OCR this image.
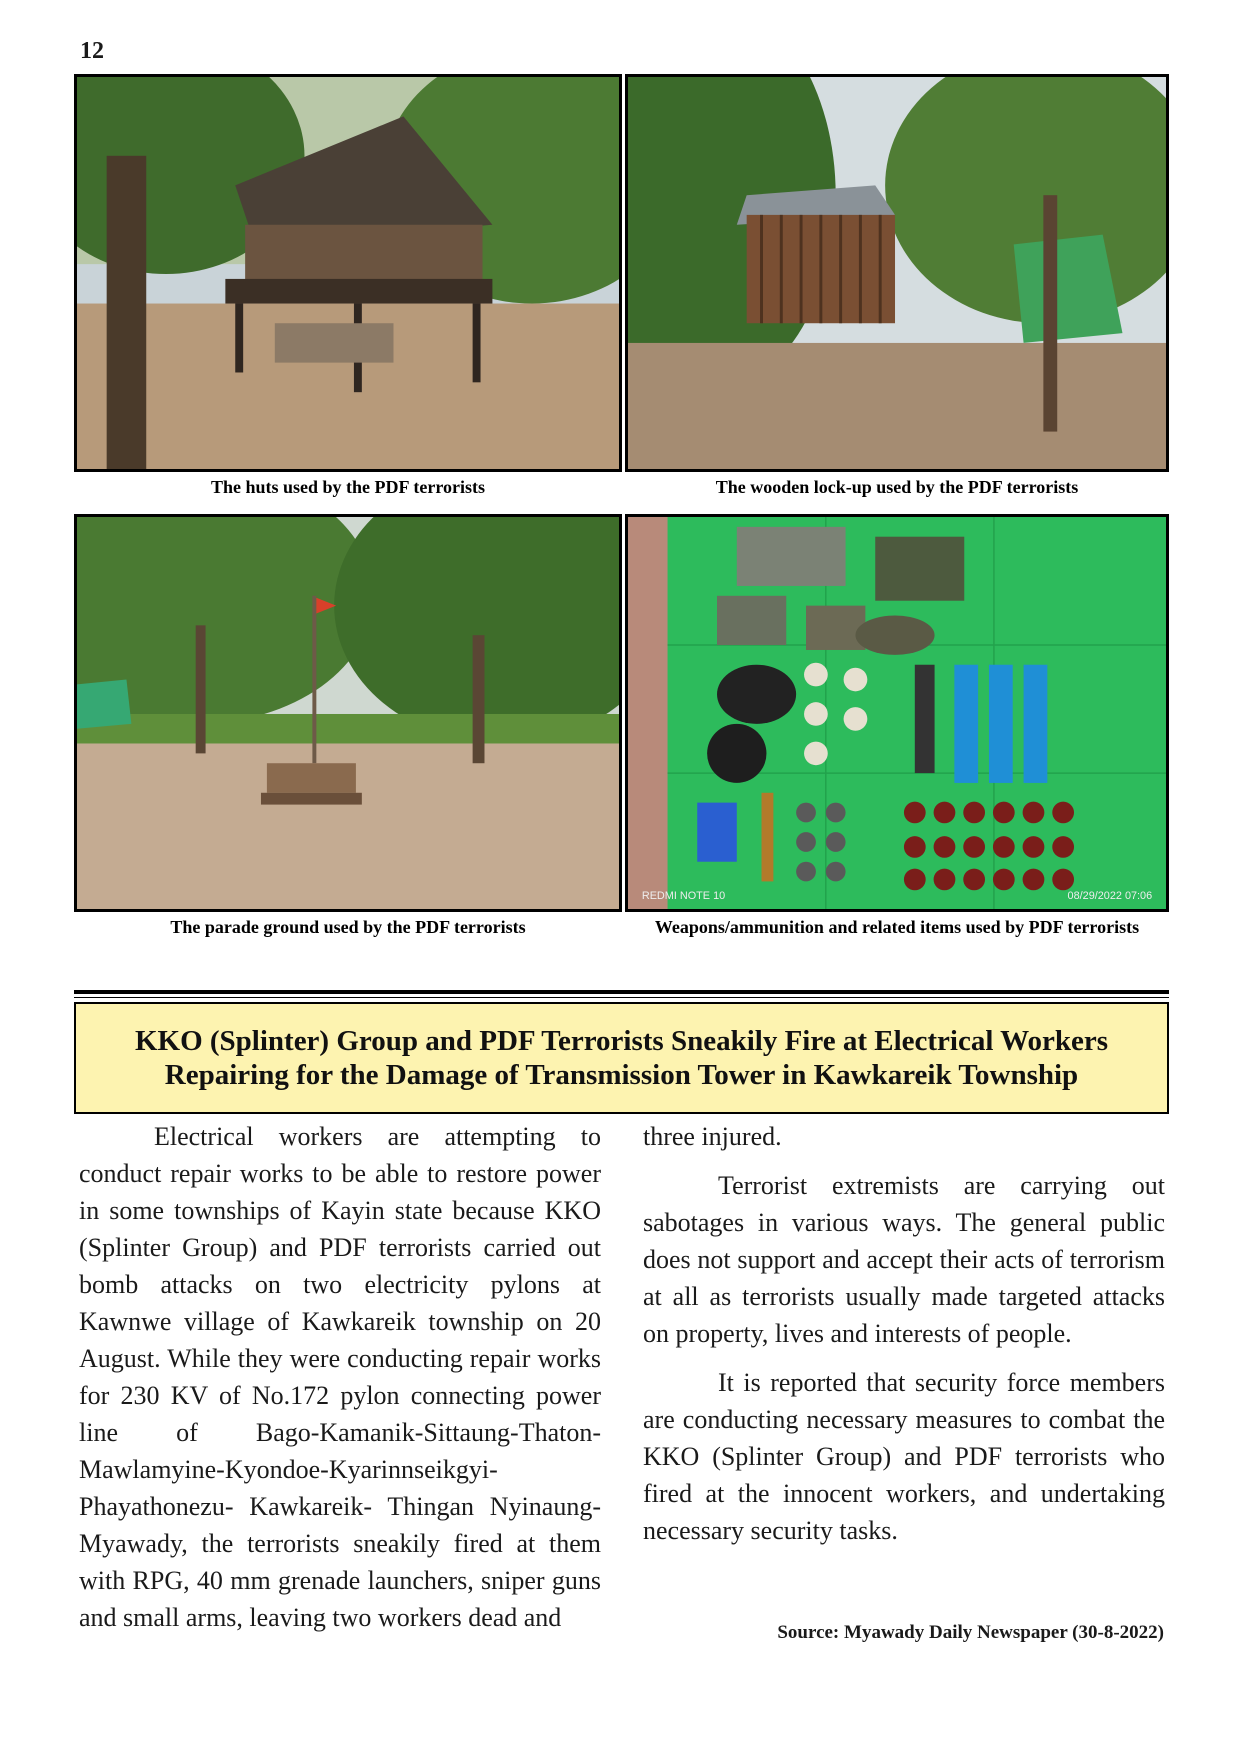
12
The huts used by the PDF terrorists	The wooden lock-up used by the PDF terrorists
The parade ground used by the PDF terrorists
REDMI NOTE 10	08/29/2022 07:06
Weapons/ammunition and related items used by PDF terrorists
KKO (Splinter) Group and PDF Terrorists Sneakily Fire at Electrical Workers
Repairing for the Damage of Transmission Tower in Kawkareik Township

Electrical workers are attempting to conduct repair works to be able to restore power in some townships of Kayin state because KKO (Splinter Group) and PDF terrorists carried out bomb attacks on two electricity pylons at Kawnwe village of Kawkareik township on 20 August. While they were conducting repair works for 230 KV of No.172 pylon connecting power line of Bago-Kamanik-Sittaung-Thaton-Mawlamyine-Kyondoe-Kyarinnseikgyi-Phayathonezu- Kawkareik- Thingan Nyinaung- Myawady, the terrorists sneakily fired at them with RPG, 40 mm grenade launchers, sniper guns and small arms, leaving two workers dead and

three injured.

Terrorist extremists are carrying out sabotages in various ways. The general public does not support and accept their acts of terrorism at all as terrorists usually made targeted attacks on property, lives and interests of people.

It is reported that security force members are conducting necessary measures to combat the KKO (Splinter Group) and PDF terrorists who fired at the innocent workers, and undertaking necessary security tasks.

Source: Myawady Daily Newspaper (30-8-2022)
